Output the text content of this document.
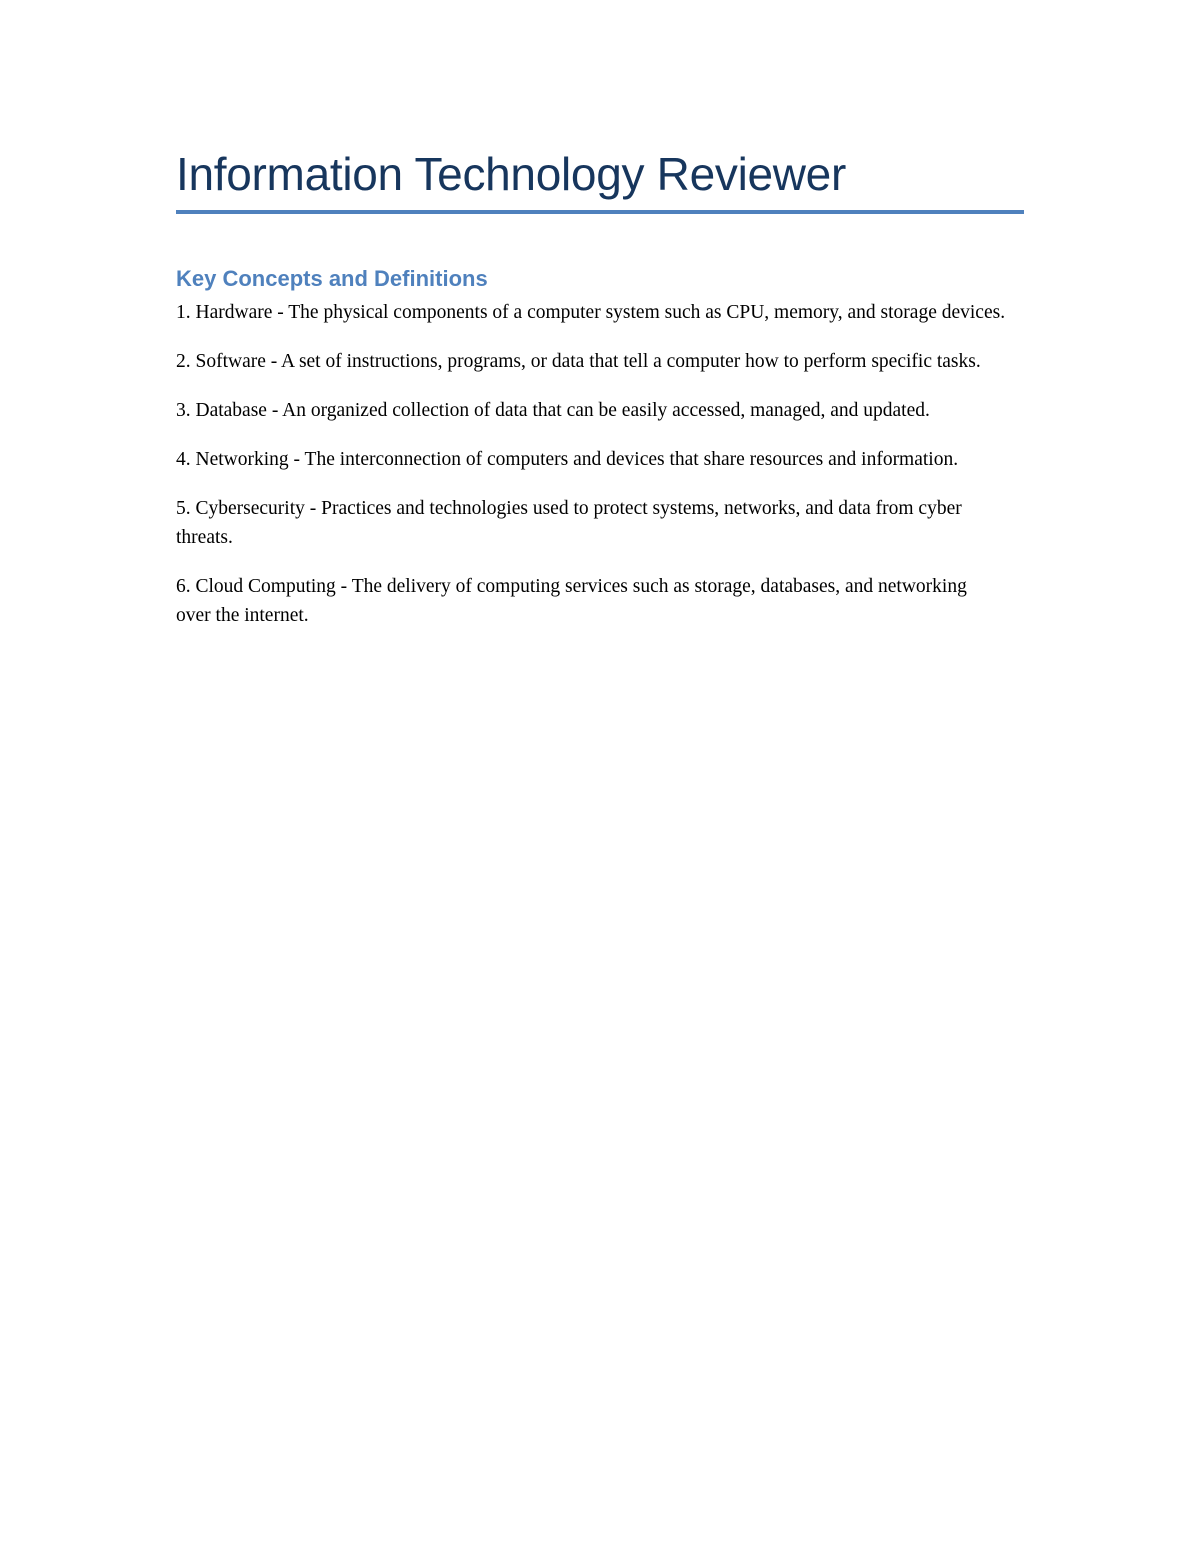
Information Technology Reviewer
Key Concepts and Definitions
1. Hardware - The physical components of a computer system such as CPU, memory, and storage devices.
2. Software - A set of instructions, programs, or data that tell a computer how to perform specific tasks.
3. Database - An organized collection of data that can be easily accessed, managed, and updated.
4. Networking - The interconnection of computers and devices that share resources and information.
5. Cybersecurity - Practices and technologies used to protect systems, networks, and data from cyber threats.
6. Cloud Computing - The delivery of computing services such as storage, databases, and networking over the internet.
